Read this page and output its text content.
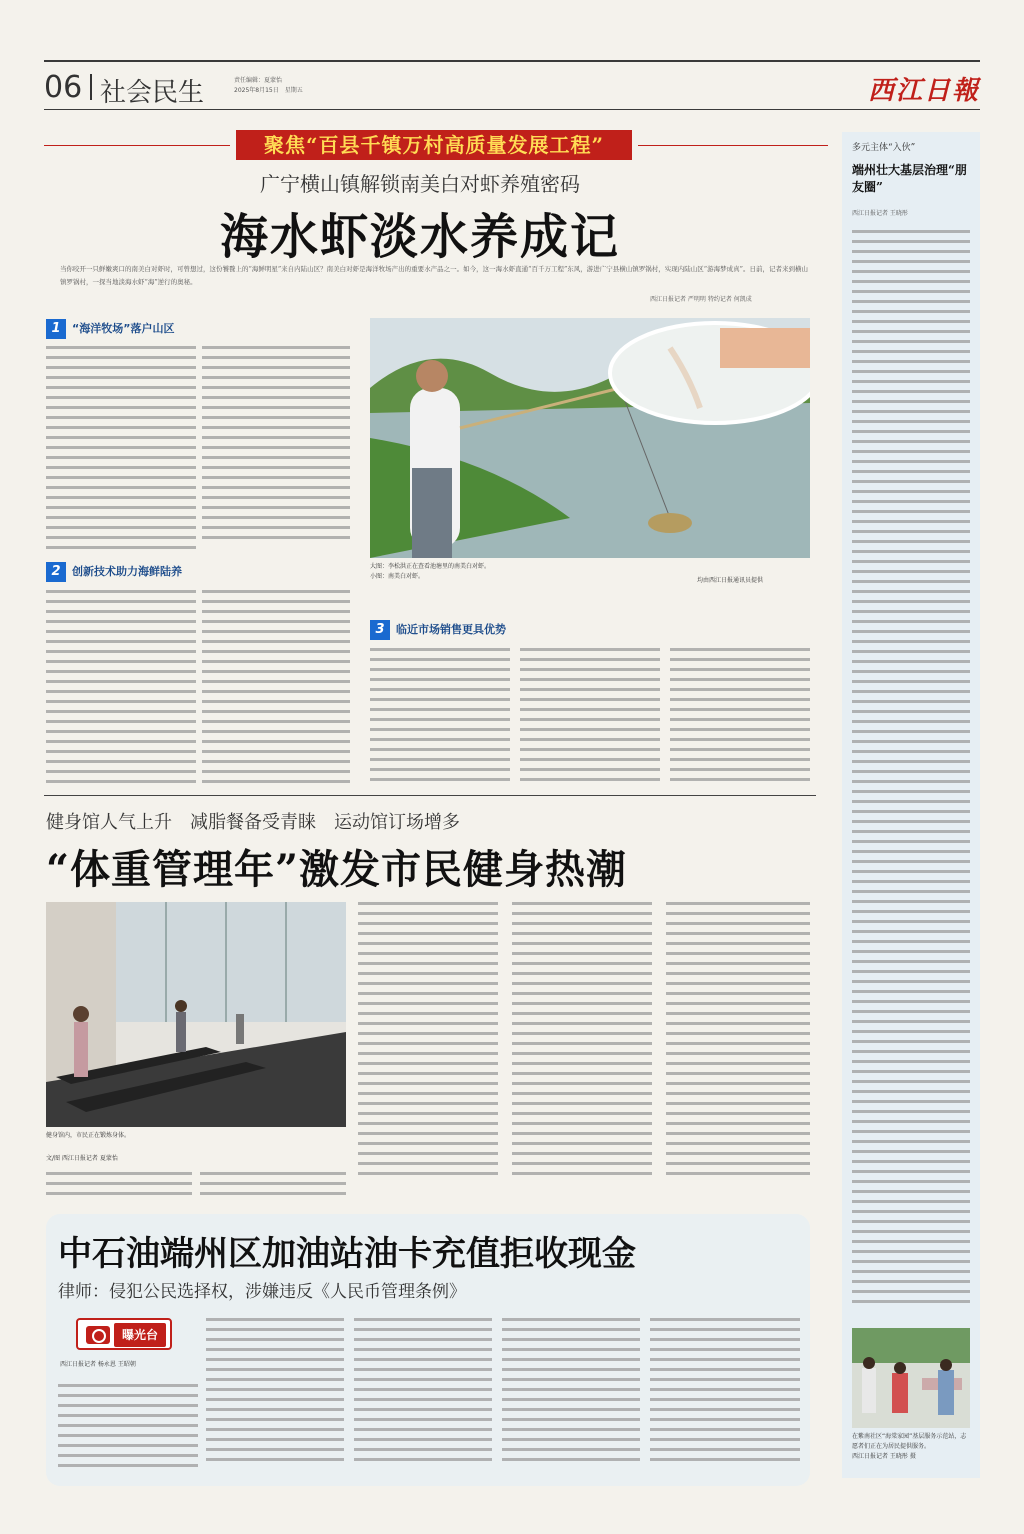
06 社会民生	责任编辑：夏蒙怡
2025年8月15日　星期五	西江日報
聚焦“百县千镇万村高质量发展工程”
广宁横山镇解锁南美白对虾养殖密码
海水虾淡水养成记
当你咬开一只鲜嫩爽口的南美白对虾时，可曾想过，这份饕餮上的“海鲜明星”来自内陆山区？南美白对虾是海洋牧场产出的重要水产品之一。如今，这一海水虾直通“百千万工程”东风，游进广宁县横山镇罗锅村，实现内陆山区“游海梦成真”。日前，记者来到横山镇罗锅村，一探当地淡海水虾“海”逆行的奥秘。
西江日报记者 严明明 特约记者 何凯成
1	“海洋牧场”落户山区
2	创新技术助力海鲜陆养	大图：李松洪正在查看池塘里的南美白对虾。
小图：南美白对虾。
均由西江日报通讯员提供
3	临近市场销售更具优势
健身馆人气上升　减脂餐备受青睐　运动馆订场增多
“体重管理年”激发市民健身热潮
健身馆内，市民正在锻炼身体。
文/图 西江日报记者 夏蒙怡
中石油端州区加油站油卡充值拒收现金
律师：侵犯公民选择权，涉嫌违反《人民币管理条例》
曝光台
西江日报记者 杨永恩 王昭朝
多元主体“入伙”
端州壮大基层治理“朋友圈”
西江日报记者 王晓彤
在紫南社区“海棠家园”基层服务示范站，志愿者们正在为居民提供服务。
西江日报记者 王晓彤 摄
